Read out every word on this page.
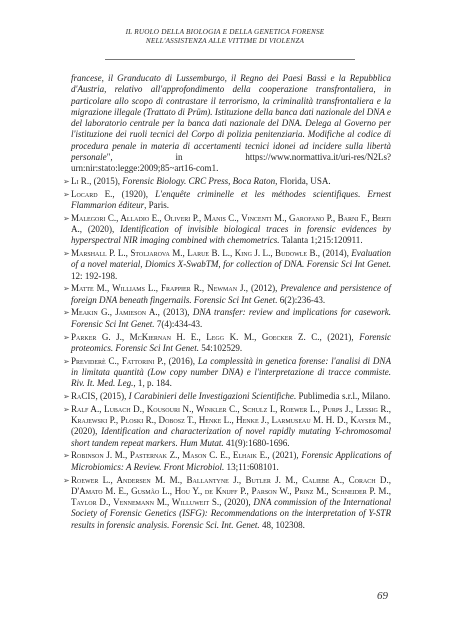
IL RUOLO DELLA BIOLOGIA E DELLA GENETICA FORENSE
NELL'ASSISTENZA ALLE VITTIME DI VIOLENZA
francese, il Granducato di Lussemburgo, il Regno dei Paesi Bassi e la Repubblica d'Austria, relativo all'approfondimento della cooperazione transfrontaliera, in particolare allo scopo di contrastare il terrorismo, la criminalità transfrontaliera e la migrazione illegale (Trattato di Prüm). Istituzione della banca dati nazionale del DNA e del laboratorio centrale per la banca dati nazionale del DNA. Delega al Governo per l'istituzione dei ruoli tecnici del Corpo di polizia penitenziaria. Modifiche al codice di procedura penale in materia di accertamenti tecnici idonei ad incidere sulla libertà personale", in https://www.normattiva.it/uri-res/N2Ls?urn:nir:stato:legge:2009;85~art16-com1.
➢ Li R., (2015), Forensic Biology. CRC Press, Boca Raton, Florida, USA.
➢ Locard E., (1920), L'enquête criminelle et les méthodes scientifiques. Ernest Flammarion éditeur, Paris.
➢ Malegori C., Alladio E., Oliveri P., Manis C., Vincenti M., Garofano P., Barni F., Berti A., (2020), Identification of invisible biological traces in forensic evidences by hyperspectral NIR imaging combined with chemometrics. Talanta 1;215:120911.
➢ Marshall P. L., Stoljarova M., Larue B. L., King J. L., Budowle B., (2014), Evaluation of a novel material, Diomics X-SwabTM, for collection of DNA. Forensic Sci Int Genet. 12: 192-198.
➢ Matte M., Williams L., Frappier R., Newman J., (2012), Prevalence and persistence of foreign DNA beneath fingernails. Forensic Sci Int Genet. 6(2):236-43.
➢ Meakin G., Jamieson A., (2013), DNA transfer: review and implications for casework. Forensic Sci Int Genet. 7(4):434-43.
➢ Parker G. J., McKiernan H. E., Legg K. M., Goecker Z. C., (2021), Forensic proteomics. Forensic Sci Int Genet. 54:102529.
➢ Previderè C., Fattorini P., (2016), La complessità in genetica forense: l'analisi di DNA in limitata quantità (Low copy number DNA) e l'interpretazione di tracce commiste. Riv. It. Med. Leg., 1, p. 184.
➢ RaCIS, (2015), I Carabinieri delle Investigazioni Scientifiche. Publimedia s.r.l., Milano.
➢ Ralf A., Lubach D., Kousouri N., Winkler C., Schulz I., Roewer L., Purps J., Lessig R., Krajewski P., Ploski R., Dobosz T., Henke L., Henke J., Larmuseau M. H. D., Kayser M., (2020), Identification and characterization of novel rapidly mutating Y-chromosomal short tandem repeat markers. Hum Mutat. 41(9):1680-1696.
➢ Robinson J. M., Pasternak Z., Mason C. E., Elhaik E., (2021), Forensic Applications of Microbiomics: A Review. Front Microbiol. 13;11:608101.
➢ Roewer L., Andersen M. M., Ballantyne J., Butler J. M., Caliebe A., Corach D., D'Amato M. E., Gusmão L., Hou Y., de Knijff P., Parson W., Prinz M., Schneider P. M., Taylor D., Vennemann M., Willuweit S., (2020), DNA commission of the International Society of Forensic Genetics (ISFG): Recommendations on the interpretation of Y-STR results in forensic analysis. Forensic Sci. Int. Genet. 48, 102308.
69
